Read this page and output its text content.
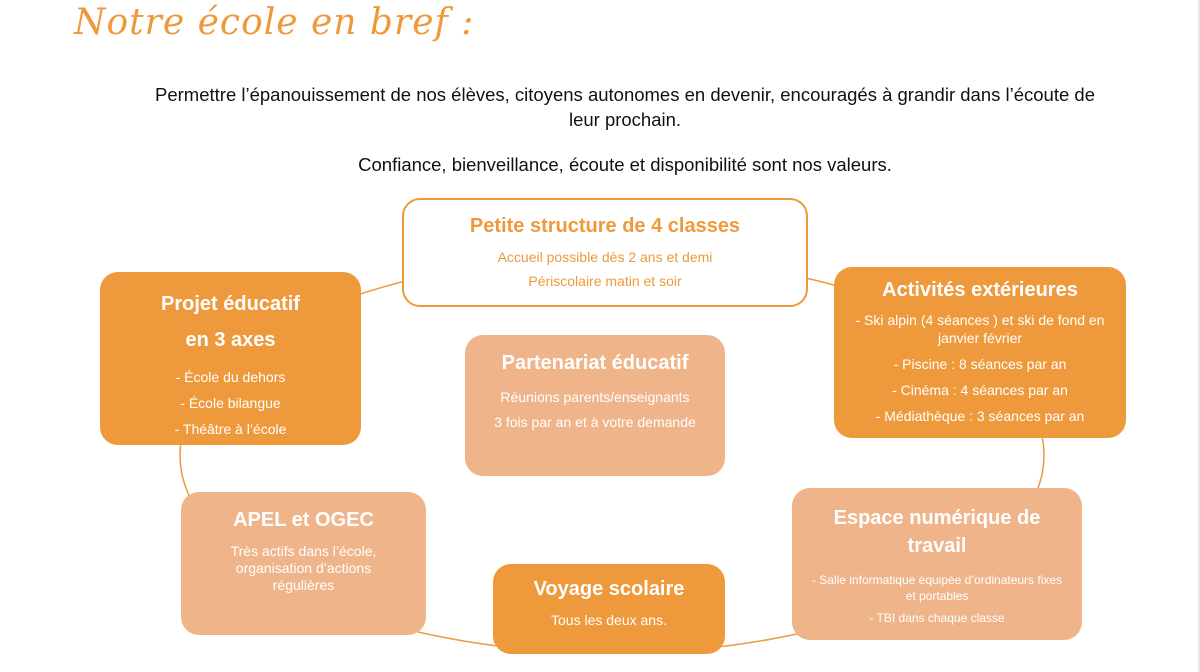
Notre école en bref :
Permettre l’épanouissement de nos élèves, citoyens autonomes en devenir, encouragés à grandir dans l’écoute de leur prochain.
Confiance, bienveillance, écoute et disponibilité sont nos valeurs.
Petite structure de 4 classes
Accueil possible dès 2 ans et demi
Périscolaire matin et soir
Projet éducatif
en 3 axes
- École du dehors
- École bilangue
- Théâtre à l’école
Activités extérieures
- Ski alpin (4 séances ) et ski de fond en janvier février
- Piscine : 8 séances par an
- Cinéma : 4 séances par an
- Médiathèque : 3 séances par an
Partenariat éducatif
Réunions parents/enseignants
3 fois par an et à votre demande
APEL et OGEC
Très actifs dans l’école, organisation d’actions régulières
Espace numérique de travail
- Salle informatique équipée d’ordinateurs fixes et portables
- TBI dans chaque classe
Voyage scolaire
Tous les deux ans.
